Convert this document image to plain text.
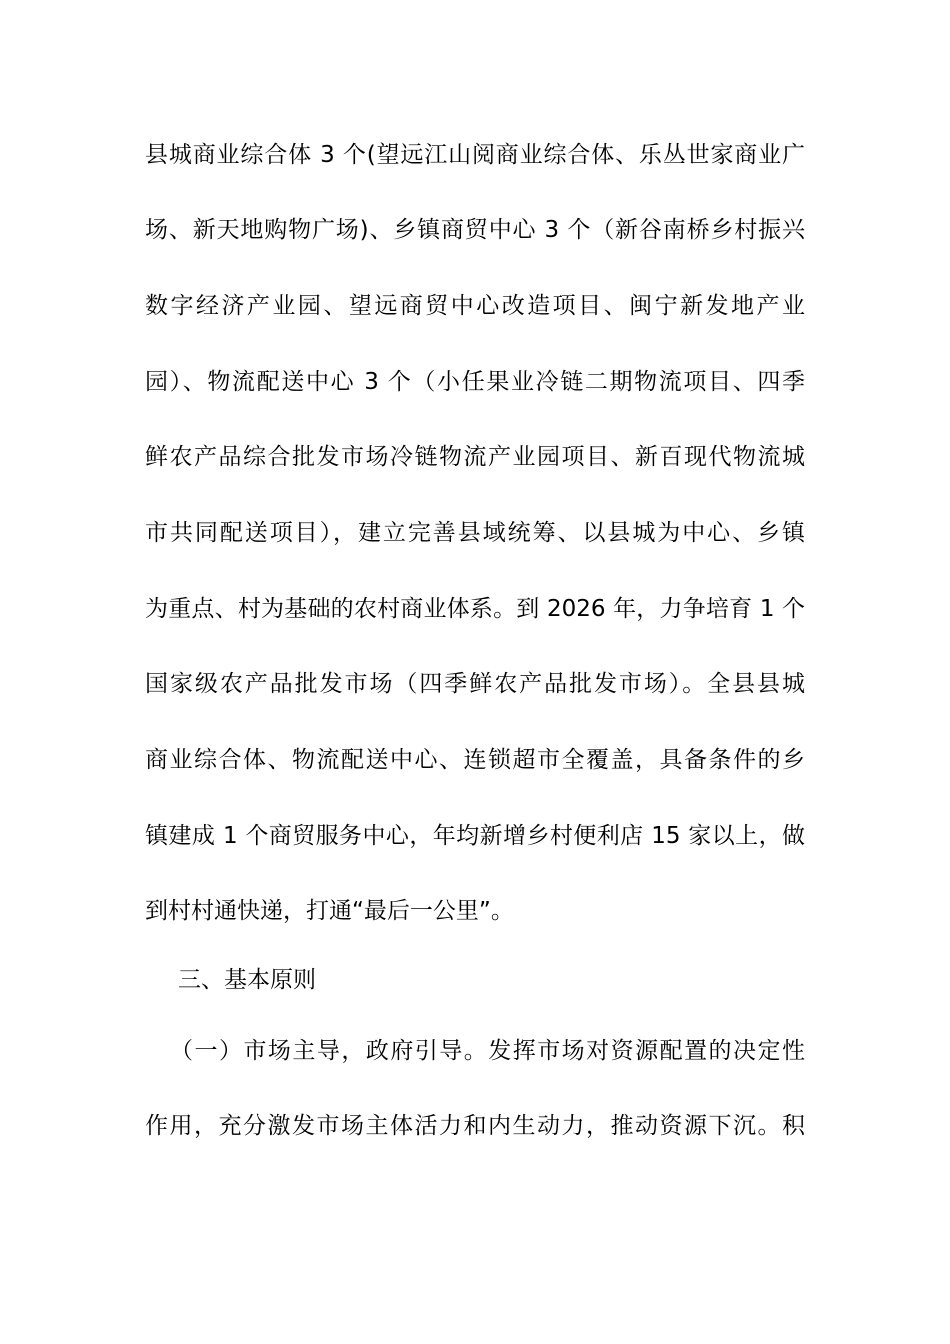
县城商业综合体 3 个(望远江山阅商业综合体、乐丛世家商业广
场、新天地购物广场)、乡镇商贸中心 3 个（新谷南桥乡村振兴
数字经济产业园、望远商贸中心改造项目、闽宁新发地产业
园）、物流配送中心 3 个（小任果业冷链二期物流项目、四季
鲜农产品综合批发市场冷链物流产业园项目、新百现代物流城
市共同配送项目），建立完善县域统筹、以县城为中心、乡镇
为重点、村为基础的农村商业体系。到 2026 年，力争培育 1 个
国家级农产品批发市场（四季鲜农产品批发市场）。全县县城
商业综合体、物流配送中心、连锁超市全覆盖，具备条件的乡
镇建成 1 个商贸服务中心，年均新增乡村便利店 15 家以上，做
到村村通快递，打通“最后一公里”。
三、基本原则
（一）市场主导，政府引导。发挥市场对资源配置的决定性
作用，充分激发市场主体活力和内生动力，推动资源下沉。积
